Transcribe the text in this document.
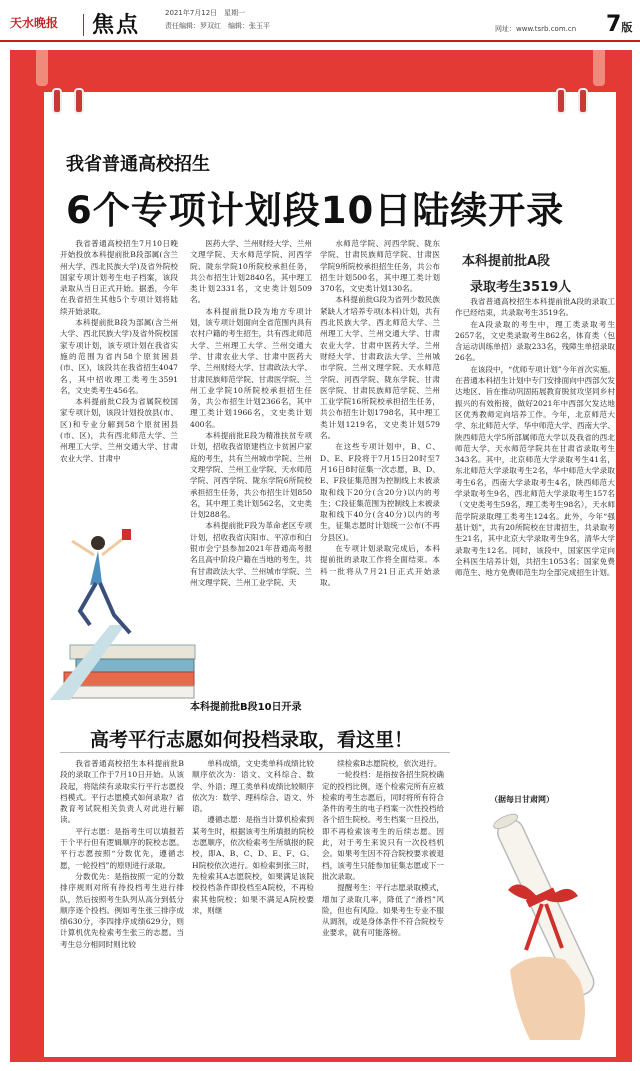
天水晚报 焦点	2021年7月12日　星期一
责任编辑：罗双红　编辑：张玉平	网址：www.tsrb.com.cn 7版
我省普通高校招生
6个专项计划段10日陆续开录

我省普通高校招生7月10日晚开始投放本科提前批B段部属(含兰州大学、西北民族大学)及省外院校国家专项计划考生电子档案，该段录取从当日正式开始。据悉，今年在我省招生其他5个专项计划将陆续开始录取。

本科提前批B段为部属(含兰州大学、西北民族大学)及省外院校国家专项计划，该专项计划在我省实施的范围为省内58个原贫困县(市、区)，该段共在我省招生4047名，其中招收理工类考生3591名，文史类考生456名。

本科提前批C段为省属院校国家专项计划，该段计划投放县(市、区)和专业分解到58个原贫困县(市、区)，共有西北师范大学、兰州理工大学、兰州交通大学、甘肃农业大学、甘肃中

医药大学、兰州财经大学、兰州文理学院、天水师范学院、河西学院、陇东学院10所院校承担任务，共公布招生计划2840名，其中理工类计划2331名，文史类计划509名。

本科提前批D段为地方专项计划，该专项计划面向全省范围内具有农村户籍的考生招生，共有西北师范大学、兰州理工大学、兰州交通大学、甘肃农业大学、甘肃中医药大学、兰州财经大学、甘肃政法大学、甘肃民族师范学院、甘肃医学院、兰州工业学院10所院校承担招生任务，共公布招生计划2366名，其中理工类计划1966名，文史类计划400名。

本科提前批E段为精准扶贫专项计划，招收我省原建档立卡贫困户家庭的考生，共有兰州城市学院、兰州文理学院、兰州工业学院、天水师范学院、河西学院、陇东学院6所院校承担招生任务，共公布招生计划850名，其中理工类计划562名，文史类计划288名。

本科提前批F段为革命老区专项计划，招收我省庆阳市、平凉市和白银市会宁县参加2021年普通高考报名且高中阶段户籍在当地的考生，共有甘肃政法大学、兰州城市学院、兰州文理学院、兰州工业学院、天

水师范学院、河西学院、陇东学院、甘肃民族师范学院、甘肃医学院9所院校承担招生任务，共公布招生计划500名，其中理工类计划370名，文史类计划130名。

本科提前批G段为省列少数民族紧缺人才培养专项(本科)计划，共有西北民族大学、西北师范大学、兰州理工大学、兰州交通大学、甘肃农业大学、甘肃中医药大学、兰州财经大学、甘肃政法大学、兰州城市学院、兰州文理学院、天水师范学院、河西学院、陇东学院、甘肃医学院、甘肃民族师范学院、兰州工业学院16所院校承担招生任务，共公布招生计划1798名，其中理工类计划1219名，文史类计划579名。

在这些专项计划中，B、C、D、E、F段将于7月15日20时至7月16日8时征集一次志愿，B、D、E、F段征集范围为控制线上未被录取和线下20分(含20分)以内的考生；C段征集范围为控制线上未被录取和线下40分(含40分)以内的考生，征集志愿时计划统一公布(不再分县区)。

在专项计划录取完成后，本科提前批的录取工作将全面结束。本科一批将从7月21日正式开始录取。

本科提前批A段
录取考生3519人

我省普通高校招生本科提前批A段的录取工作已经结束，共录取考生3519名。

在A段录取的考生中，理工类录取考生2657名，文史类录取考生862名，体育类（包含运动训练单招）录取233名，残障生单招录取26名。

在该段中，“优师专项计划”今年首次实施。在普通本科招生计划中专门安排面向中西部欠发达地区、旨在推动巩固拓展教育脱贫攻坚同乡村振兴的有效衔接，做好2021年中西部欠发达地区优秀教师定向培养工作。今年，北京师范大学、东北师范大学、华中师范大学、西南大学、陕西师范大学5所部属师范大学以及我省的西北师范大学、天水师范学院共在甘肃省录取考生343名。其中，北京师范大学录取考生41名，东北师范大学录取考生2名，华中师范大学录取考生6名，西南大学录取考生4名，陕西师范大学录取考生9名，西北师范大学录取考生157名（文史类考生59名，理工类考生98名），天水师范学院录取理工类考生124名。此外，今年“强基计划”，共有20所院校在甘肃招生，共录取考生21名，其中北京大学录取考生9名，清华大学录取考生12名。同时，该段中，国家医学定向全科医生培养计划，共招生1053名；国家免费师范生、地方免费师范生均全部完成招生计划。

本科提前批B段10日开录
高考平行志愿如何投档录取，看这里！

我省普通高校招生本科提前批B段的录取工作于7月10日开始。从该段起，将陆续有录取实行平行志愿投档模式。平行志愿模式如何录取？省教育考试院相关负责人对此进行解读。

平行志愿：是指考生可以填报若干个平行但有逻辑顺序的院校志愿。平行志愿按照“分数优先，遵循志愿，一轮投档”的原则进行录取。

分数优先：是指按照一定的分数排序规则对所有待投档考生进行排队，然后按照考生队列从高分到低分顺序逐个投档。例如考生张三排序成绩630分，李四排序成绩629分，则计算机优先检索考生张三的志愿。当考生总分相同时则比较

单科成绩，文史类单科成绩比较顺序依次为：语文、文科综合、数学、外语；理工类单科成绩比较顺序依次为：数学、理科综合、语文、外语。

遵循志愿：是指当计算机检索到某考生时，根据该考生所填报的院校志愿顺序，依次检索考生所填报的院校，即A、B、C、D、E、F、G、H院校依次进行。如检索到张三时，先检索其A志愿院校，如果满足该院校投档条件即投档至A院校，不再检索其他院校；如果不满足A院校要求，则继

续检索B志愿院校，依次进行。

一轮投档：是指按各招生院校确定的投档比例，逐个检索完所有应被检索的考生志愿后，同时将所有符合条件的考生的电子档案一次性投档给各个招生院校。考生档案一旦投出，即不再检索该考生的后续志愿。因此，对于考生来说只有一次投档机会。如果考生因不符合院校要求被退档，该考生只能参加征集志愿或下一批次录取。

提醒考生：平行志愿录取模式，增加了录取几率，降低了“滑档”风险，但也有风险。如果考生专业不服从调剂，或是身体条件不符合院校专业要求，就有可能落榜。

（据每日甘肃网）
